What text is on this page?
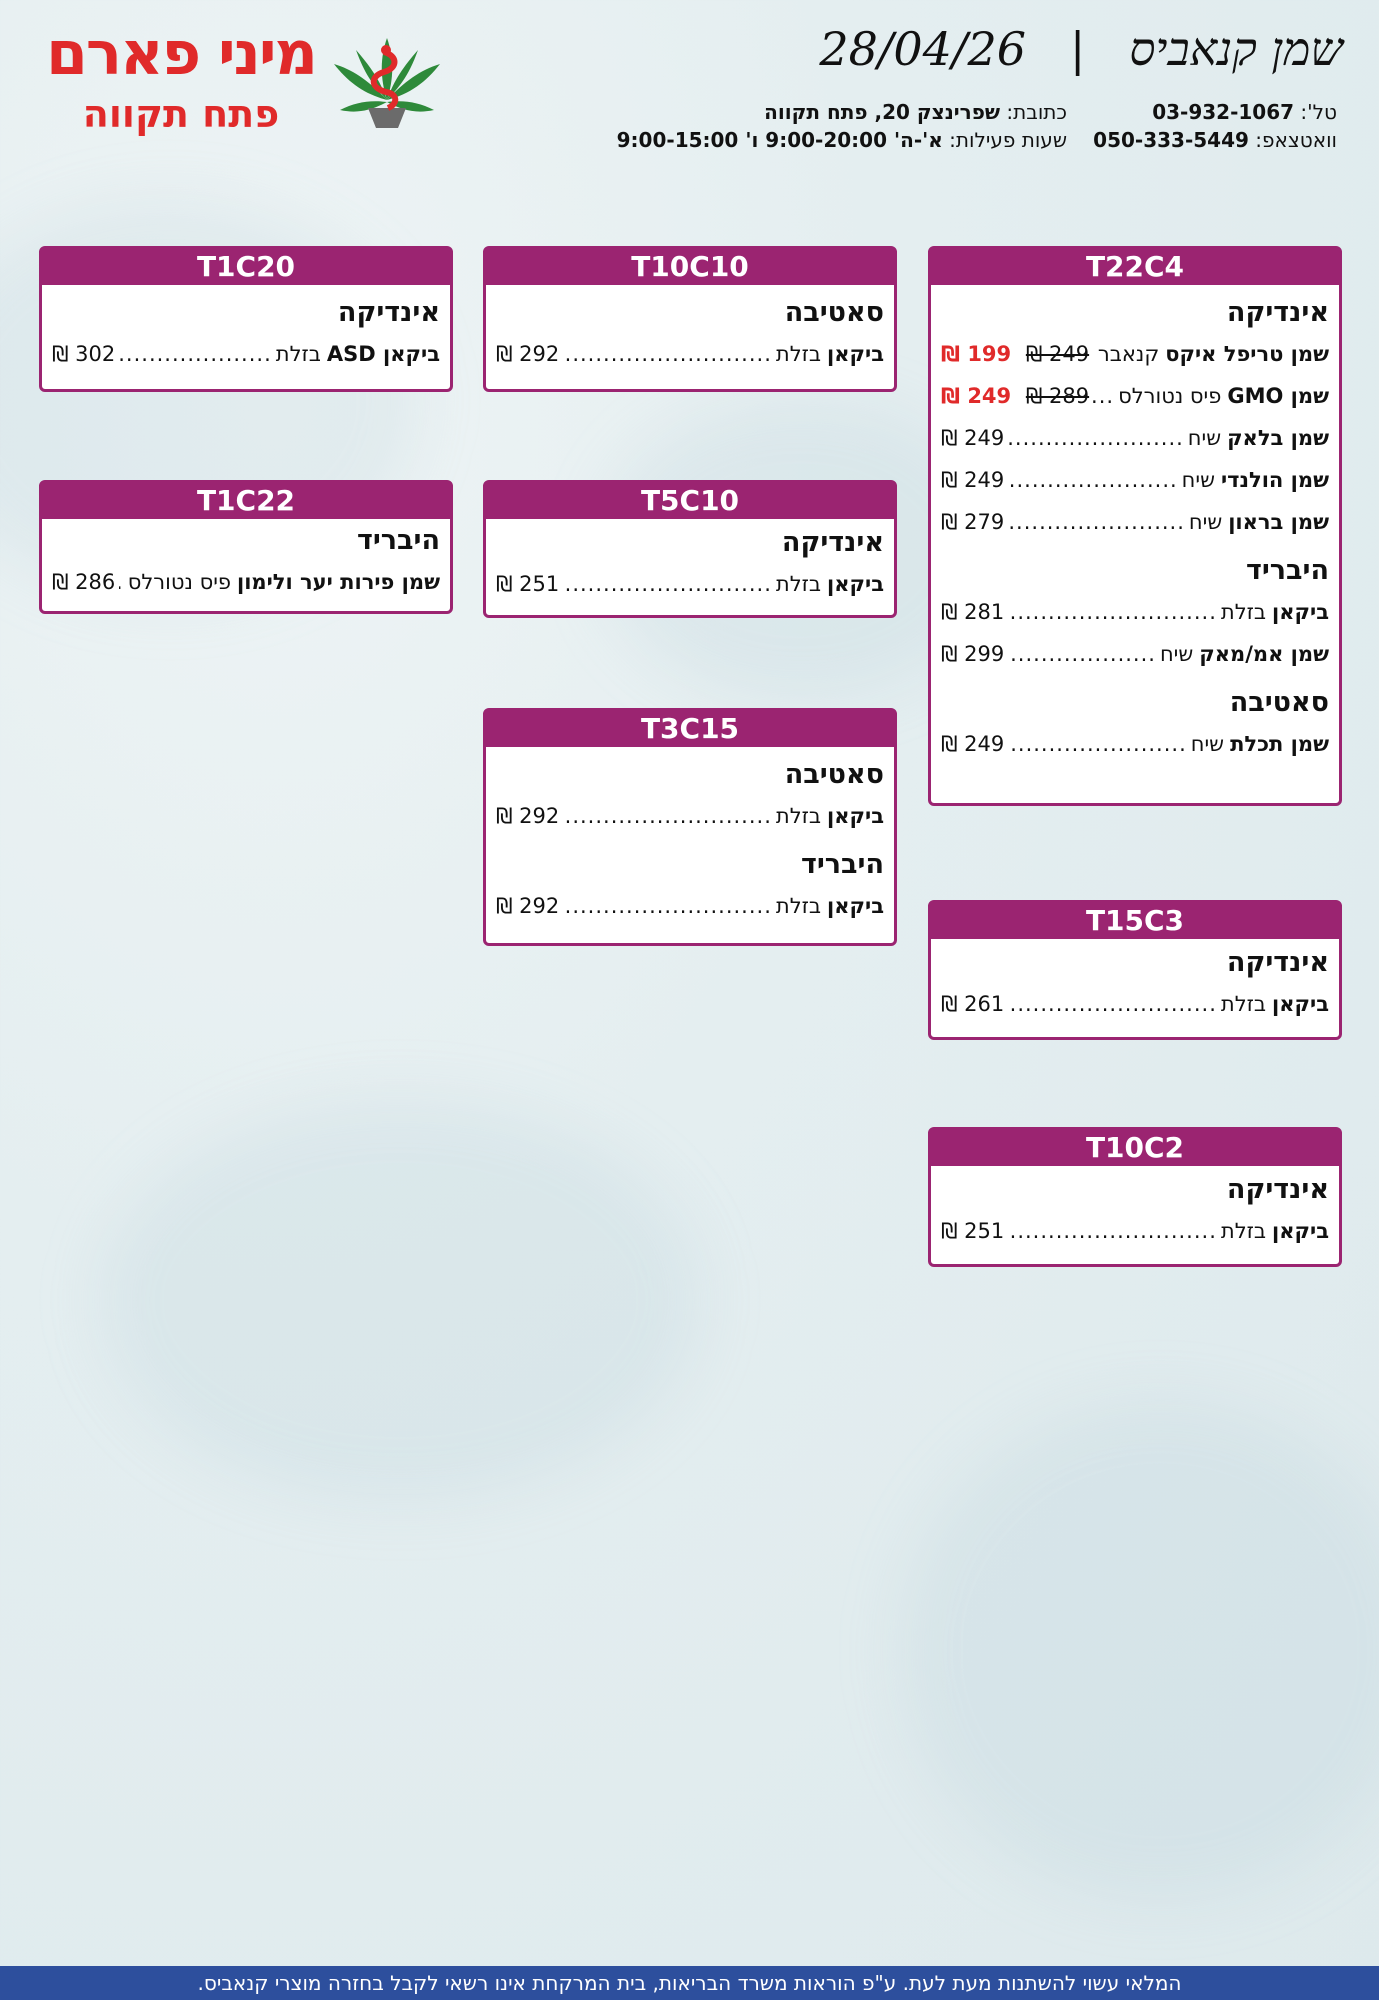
מיני פארם
פתח תקווה
שמן קנאביס   |   28/04/26
טל': 03-932-1067
וואטצאפ: 050-333-5449
כתובת: שפרינצק 20, פתח תקווה
שעות פעילות: א'-ה' 9:00-20:00 ו' 9:00-15:00
T22C4
אינדיקה
שמן טריפל איקס
קנאבר
.....
249 ₪ 199 ₪
שמן GMO
פיס נטורלס
.....
289 ₪ 249 ₪
שמן בלאק
שיח
.....
249 ₪
שמן הולנדי
שיח
.....
249 ₪
שמן בראון
שיח
.....
279 ₪
היבריד
ביקאן
בזלת
.....
281 ₪
שמן אמ/מאק
שיח
.....
299 ₪
סאטיבה
שמן תכלת
שיח
.....
249 ₪
T10C10
סאטיבה
ביקאן
בזלת
.....
292 ₪
T1C20
אינדיקה
ביקאן ASD
בזלת
.....
302 ₪
T1C22
היבריד
שמן פירות יער ולימון
פיס נטורלס
.....
286 ₪
T5C10
אינדיקה
ביקאן
בזלת
.....
251 ₪
T3C15
סאטיבה
ביקאן
בזלת
.....
292 ₪
היבריד
ביקאן
בזלת
.....
292 ₪	T15C3
אינדיקה
ביקאן
בזלת
.....
261 ₪
T10C2
אינדיקה
ביקאן
בזלת
.....
251 ₪
המלאי עשוי להשתנות מעת לעת. ע"פ הוראות משרד הבריאות, בית המרקחת אינו רשאי לקבל בחזרה מוצרי קנאביס.
